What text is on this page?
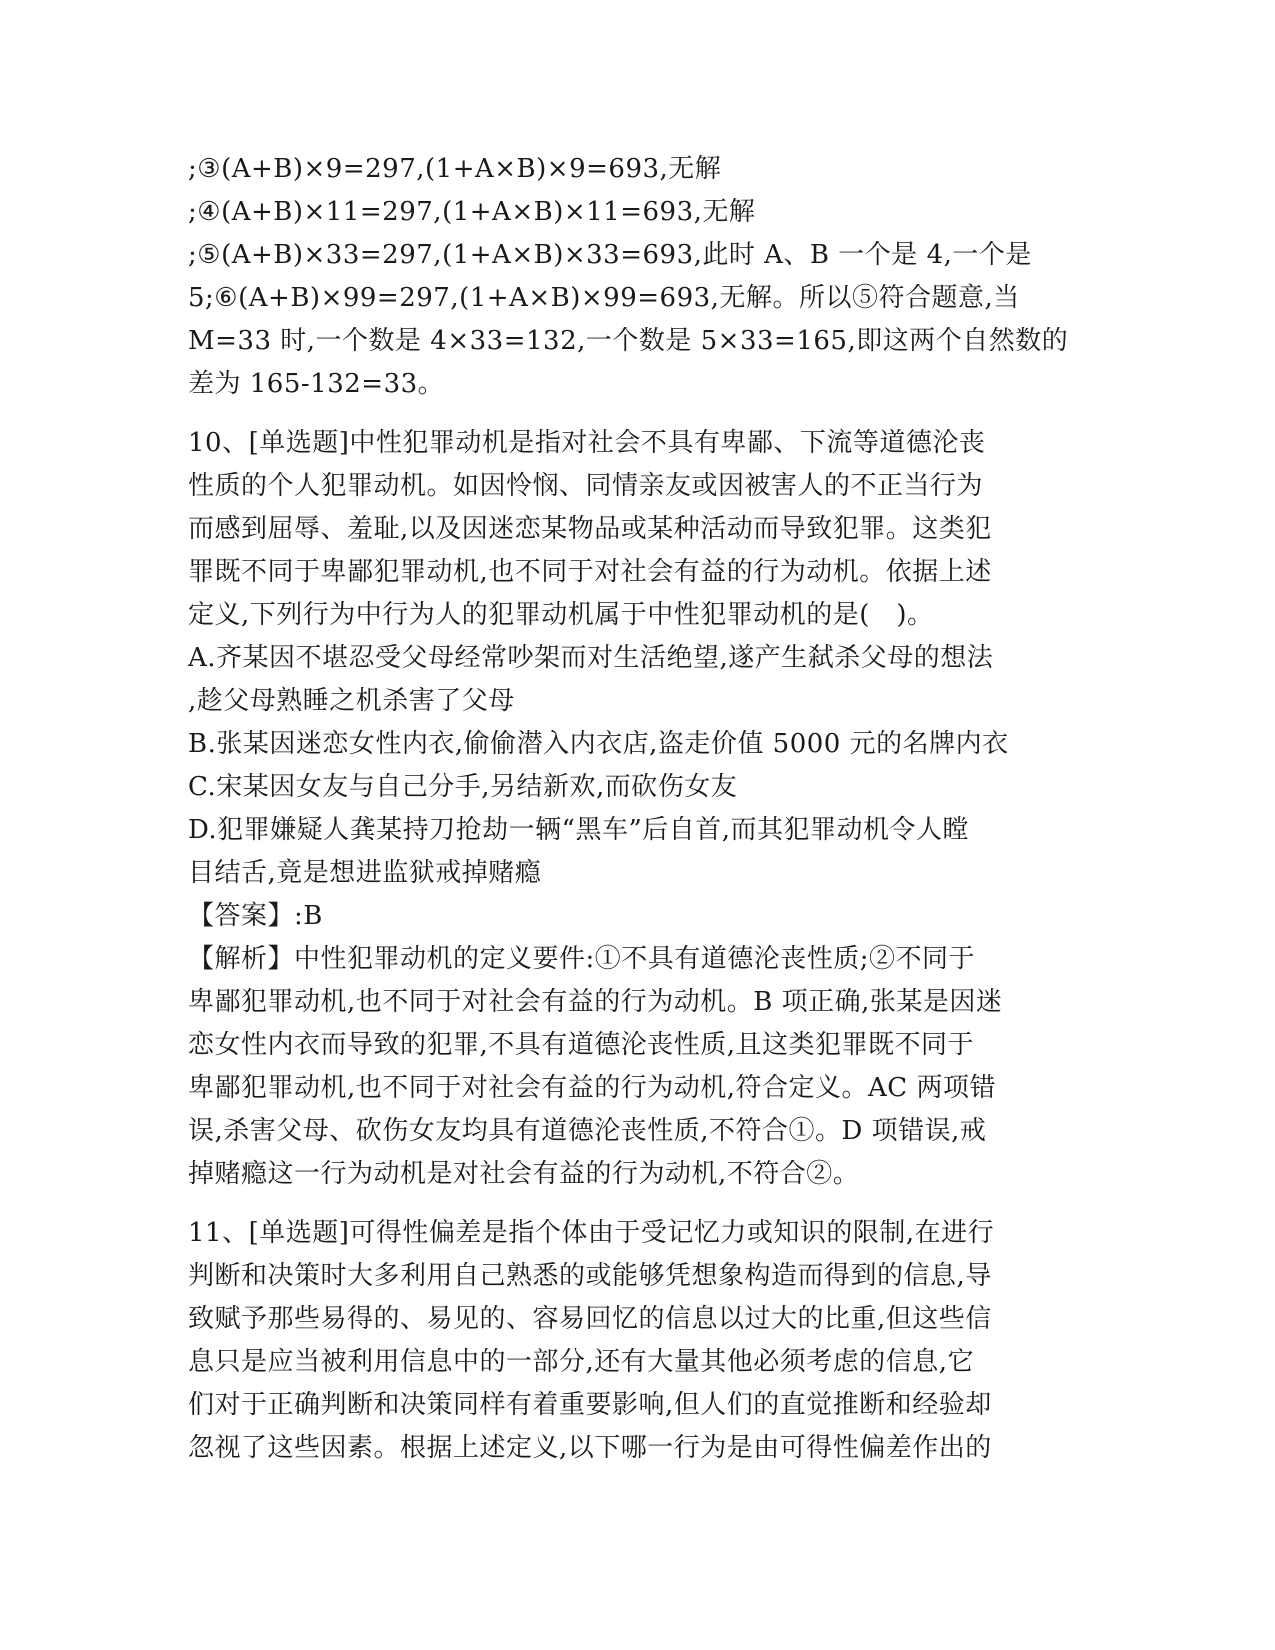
;③(A+B)×9=297,(1+A×B)×9=693,无解
;④(A+B)×11=297,(1+A×B)×11=693,无解
;⑤(A+B)×33=297,(1+A×B)×33=693,此时 A、B 一个是 4,一个是
5;⑥(A+B)×99=297,(1+A×B)×99=693,无解。所以⑤符合题意,当
M=33 时,一个数是 4×33=132,一个数是 5×33=165,即这两个自然数的
差为 165-132=33。
10、[单选题]中性犯罪动机是指对社会不具有卑鄙、下流等道德沦丧
性质的个人犯罪动机。如因怜悯、同情亲友或因被害人的不正当行为
而感到屈辱、羞耻,以及因迷恋某物品或某种活动而导致犯罪。这类犯
罪既不同于卑鄙犯罪动机,也不同于对社会有益的行为动机。依据上述
定义,下列行为中行为人的犯罪动机属于中性犯罪动机的是(　)。
A.齐某因不堪忍受父母经常吵架而对生活绝望,遂产生弑杀父母的想法
,趁父母熟睡之机杀害了父母
B.张某因迷恋女性内衣,偷偷潜入内衣店,盗走价值 5000 元的名牌内衣
C.宋某因女友与自己分手,另结新欢,而砍伤女友
D.犯罪嫌疑人龚某持刀抢劫一辆“黑车”后自首,而其犯罪动机令人瞠
目结舌,竟是想进监狱戒掉赌瘾
【答案】:B
【解析】中性犯罪动机的定义要件:①不具有道德沦丧性质;②不同于
卑鄙犯罪动机,也不同于对社会有益的行为动机。B 项正确,张某是因迷
恋女性内衣而导致的犯罪,不具有道德沦丧性质,且这类犯罪既不同于
卑鄙犯罪动机,也不同于对社会有益的行为动机,符合定义。AC 两项错
误,杀害父母、砍伤女友均具有道德沦丧性质,不符合①。D 项错误,戒
掉赌瘾这一行为动机是对社会有益的行为动机,不符合②。
11、[单选题]可得性偏差是指个体由于受记忆力或知识的限制,在进行
判断和决策时大多利用自己熟悉的或能够凭想象构造而得到的信息,导
致赋予那些易得的、易见的、容易回忆的信息以过大的比重,但这些信
息只是应当被利用信息中的一部分,还有大量其他必须考虑的信息,它
们对于正确判断和决策同样有着重要影响,但人们的直觉推断和经验却
忽视了这些因素。根据上述定义,以下哪一行为是由可得性偏差作出的
